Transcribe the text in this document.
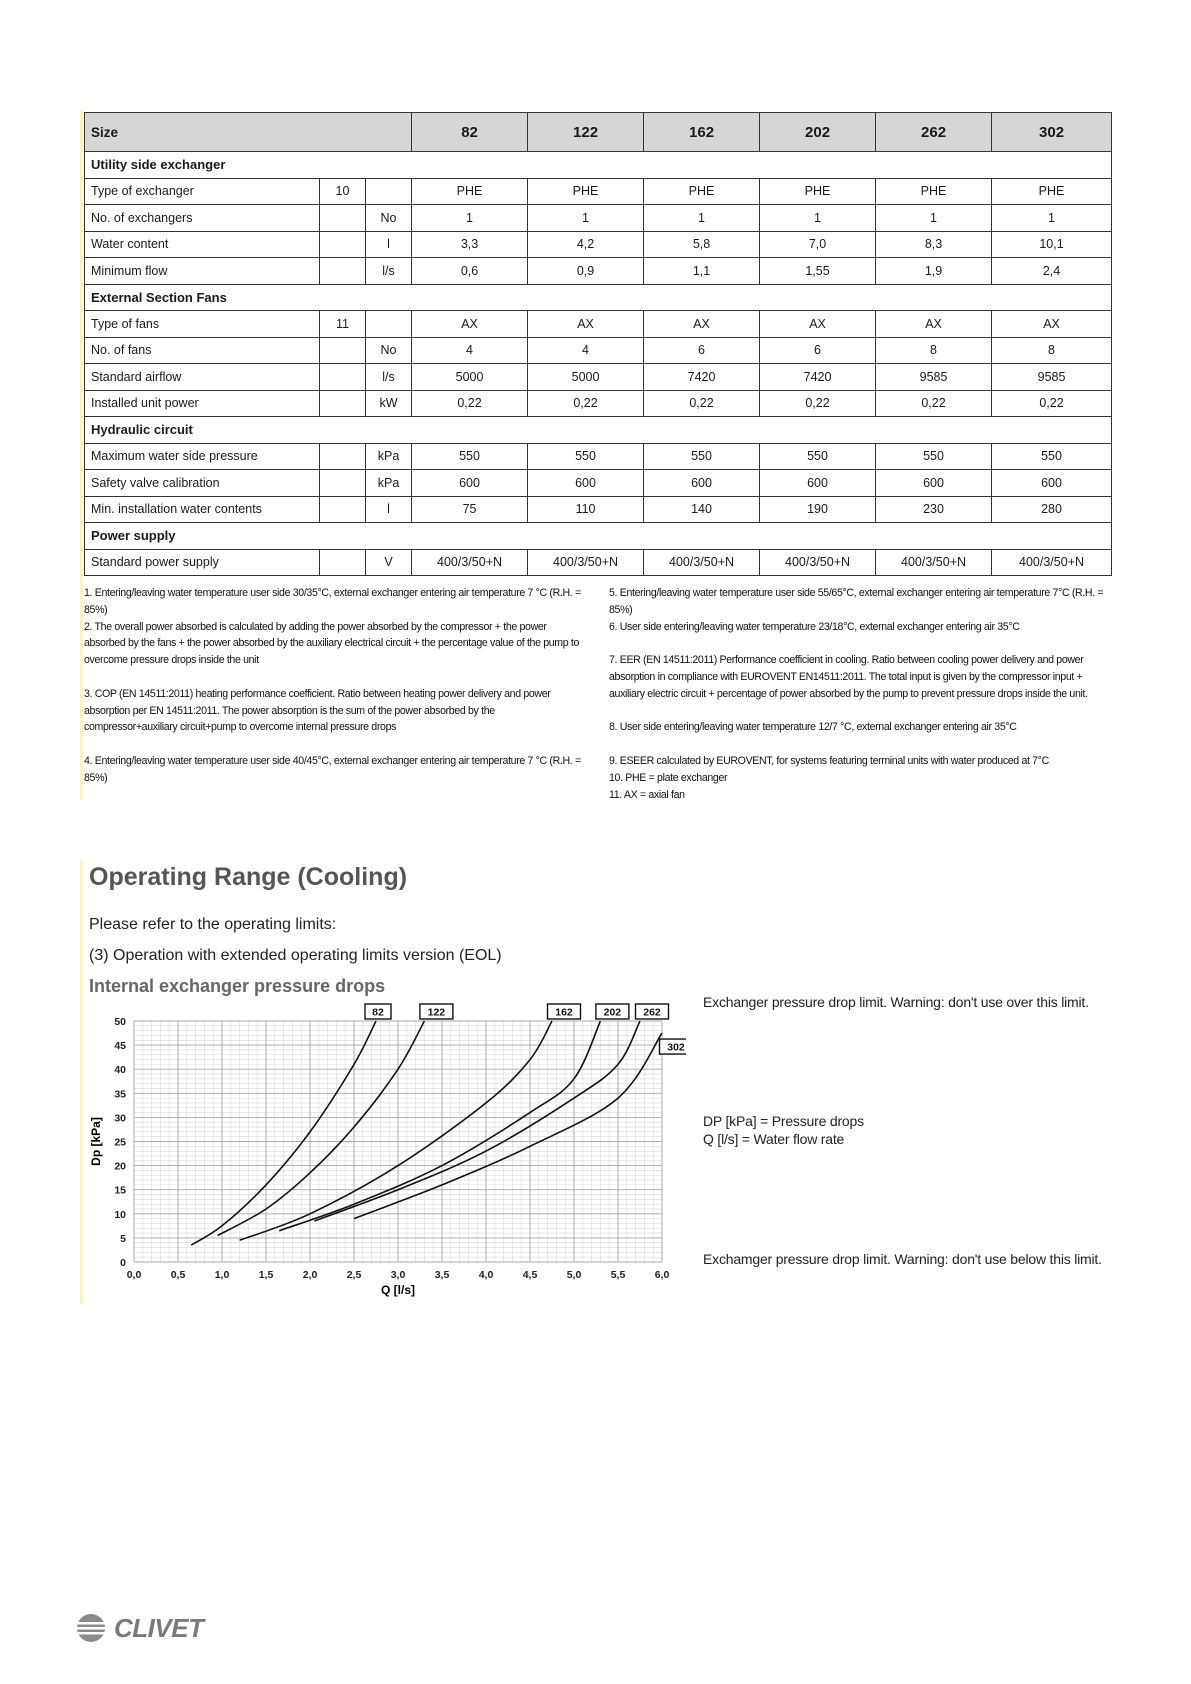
Size			82	122	162	202	262	302
Utility side exchanger								
Type of exchanger	10		PHE	PHE	PHE	PHE	PHE	PHE
No. of exchangers		No	1	1	1	1	1	1
Water content		l	3,3	4,2	5,8	7,0	8,3	10,1
Minimum flow		l/s	0,6	0,9	1,1	1,55	1,9	2,4
External Section Fans								
Type of fans	11		AX	AX	AX	AX	AX	AX
No. of fans		No	4	4	6	6	8	8
Standard airflow		l/s	5000	5000	7420	7420	9585	9585
Installed unit power		kW	0,22	0,22	0,22	0,22	0,22	0,22
Hydraulic circuit								
Maximum water side pressure		kPa	550	550	550	550	550	550
Safety valve calibration		kPa	600	600	600	600	600	600
Min. installation water contents		l	75	110	140	190	230	280
Power supply								
Standard power supply		V	400/3/50+N	400/3/50+N	400/3/50+N	400/3/50+N	400/3/50+N	400/3/50+N

1. Entering/leaving water temperature user side 30/35°C, external exchanger entering air temperature 7 °C (R.H. = 85%)

2. The overall power absorbed is calculated by adding the power absorbed by the compressor + the power absorbed by the fans + the power absorbed by the auxiliary electrical circuit + the percentage value of the pump to overcome pressure drops inside the unit

3. COP (EN 14511:2011) heating performance coefficient. Ratio between heating power delivery and power absorption per EN 14511:2011. The power absorption is the sum of the power absorbed by the compressor+auxiliary circuit+pump to overcome internal pressure drops

4. Entering/leaving water temperature user side 40/45°C, external exchanger entering air temperature 7 °C (R.H. = 85%)

5. Entering/leaving water temperature user side 55/65°C, external exchanger entering air temperature 7°C (R.H. = 85%)

6. User side entering/leaving water temperature 23/18°C, external exchanger entering air 35°C

7. EER (EN 14511:2011) Performance coefficient in cooling. Ratio between cooling power delivery and power absorption in compliance with EUROVENT EN14511:2011. The total input is given by the compressor input + auxiliary electric circuit + percentage of power absorbed by the pump to prevent pressure drops inside the unit.

8. User side entering/leaving water temperature 12/7 °C, external exchanger entering air 35°C

9. ESEER calculated by EUROVENT, for systems featuring terminal units with water produced at 7°C

10. PHE = plate exchanger

11. AX = axial fan

Operating Range (Cooling)

Please refer to the operating limits:

(3) Operation with extended operating limits version (EOL)

Internal exchanger pressure drops
0,0	0,5	1,0	1,5	2,0	2,5	3,0	3,5	4,0	4,5	5,0	5,5	6,0
0
5
10
15
20
25
30
35
40
45
50
Q [l/s]
Dp [kPa]
82	122	162	202 262
302

Exchanger pressure drop limit. Warning: don't use over this limit.

DP [kPa] = Pressure drops

Q [l/s] = Water flow rate

Exchamger pressure drop limit. Warning: don't use below this limit.

CLIVET
